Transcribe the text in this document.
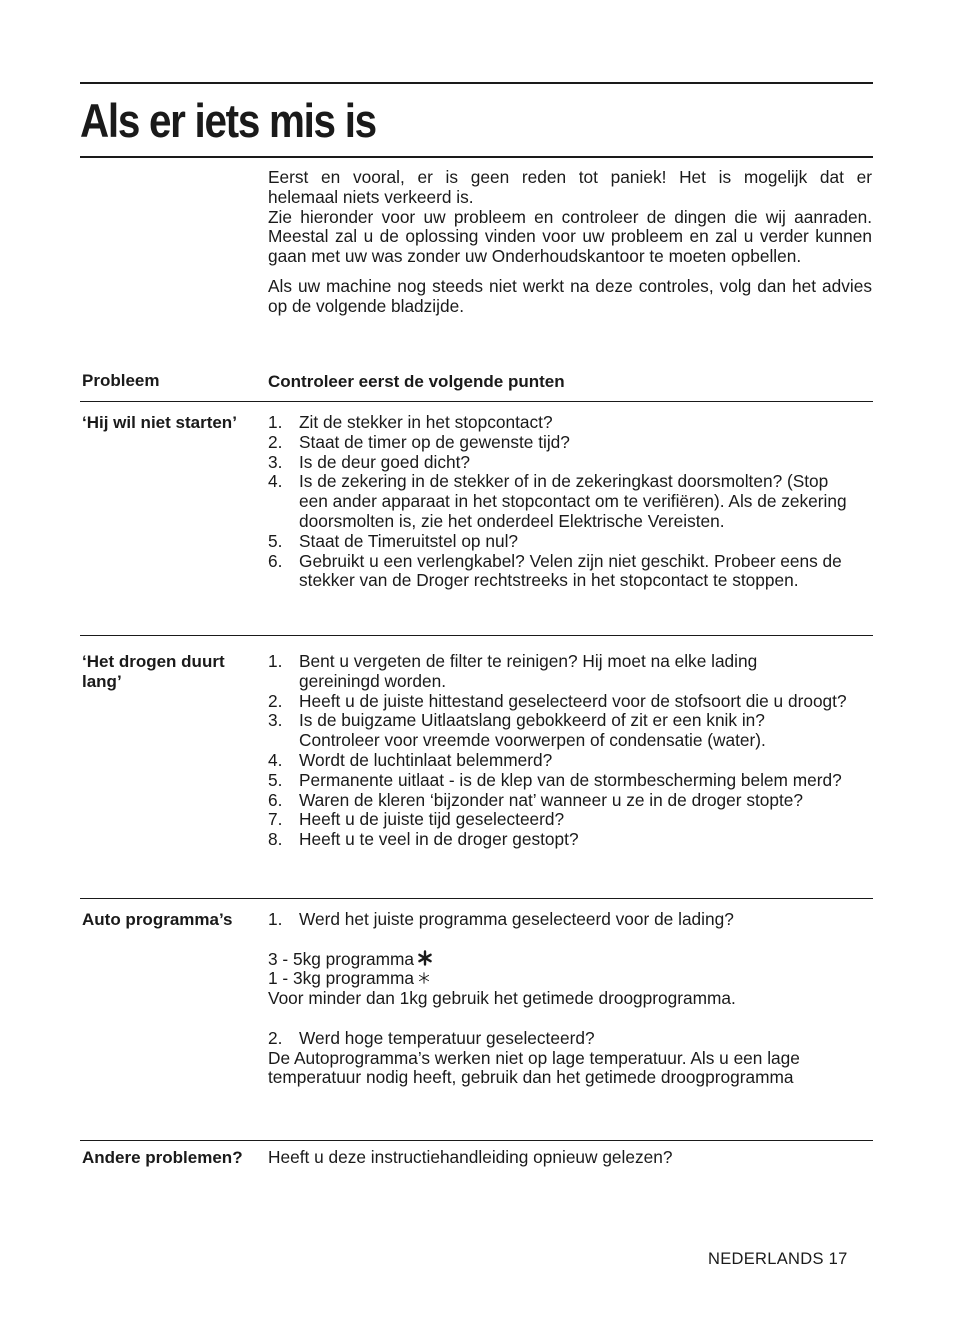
Als er iets mis is

Eerst en vooral, er is geen reden tot paniek! Het is mogelijk dat er

helemaal niets verkeerd is.

Zie hieronder voor uw probleem en controleer de dingen die wij aanraden. Meestal zal u de oplossing vinden voor uw probleem en zal u verder kunnen gaan met uw was zonder uw Onderhoudskantoor te moeten opbellen.

Als uw machine nog steeds niet werkt na deze controles, volg dan het advies op de volgende bladzijde.

Probleem	Controleer eerst de volgende punten
‘Hij wil niet starten’ 1. Zit de stekker in het stopcontact?
2. Staat de timer op de gewenste tijd?
3. Is de deur goed dicht?
4. Is de zekering in de stekker of in de zekeringkast doorsmolten? (Stop een ander apparaat in het stopcontact om te verifiëren). Als de zekering doorsmolten is, zie het onderdeel Elektrische Vereisten.
5. Staat de Timeruitstel op nul?
6. Gebruikt u een verlengkabel? Velen zijn niet geschikt. Probeer eens de stekker van de Droger rechtstreeks in het stopcontact te stoppen.
‘Het drogen duurt lang’
1. Bent u vergeten de filter te reinigen? Hij moet na elke lading gereiningd worden.
2. Heeft u de juiste hittestand geselecteerd voor de stofsoort die u droogt?
3. Is de buigzame Uitlaatslang gebokkeerd of zit er een knik in? Controleer voor vreemde voorwerpen of condensatie (water).
4. Wordt de luchtinlaat belemmerd?
5. Permanente uitlaat - is de klep van de stormbescherming belem merd?
6. Waren de kleren ‘bijzonder nat’ wanneer u ze in de droger stopte?
7. Heeft u de juiste tijd geselecteerd?
8. Heeft u te veel in de droger gestopt?
Auto programma’s 1. Werd het juiste programma geselecteerd voor de lading?
3 - 5kg programma
1 - 3kg programma
Voor minder dan 1kg gebruik het getimede droogprogramma.
2. Werd hoge temperatuur geselecteerd?
De Autoprogramma’s werken niet op lage temperatuur. Als u een lage
temperatuur nodig heeft, gebruik dan het getimede droogprogramma
Andere problemen? Heeft u deze instructiehandleiding opnieuw gelezen?
NEDERLANDS 17
